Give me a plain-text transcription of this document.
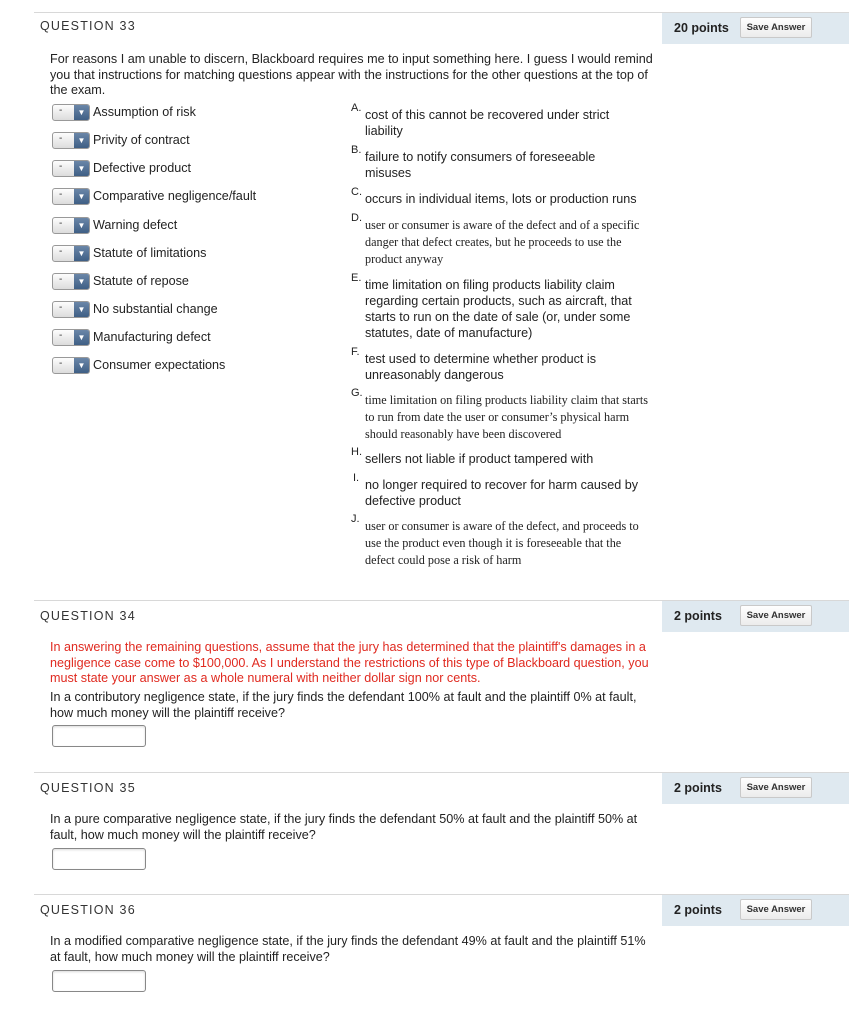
QUESTION 33	20 points	Save Answer
For reasons I am unable to discern, Blackboard requires me to input something here. I guess I would remind you that instructions for matching questions appear with the instructions for the other questions at the top of the exam.
-	▼ Assumption of risk
-	▼ Privity of contract
-	▼ Defective product
-	▼ Comparative negligence/fault
-	▼ Warning defect
-	▼ Statute of limitations
-	▼ Statute of repose
-	▼ No substantial change
-	▼ Manufacturing defect
-	▼ Consumer expectations
A. cost of this cannot be recovered under strict liability
B. failure to notify consumers of foreseeable misuses
C. occurs in individual items, lots or production runs
D. user or consumer is aware of the defect and of a specific danger that defect creates, but he proceeds to use the product anyway
E. time limitation on filing products liability claim regarding certain products, such as aircraft, that starts to run on the date of sale (or, under some statutes, date of manufacture)
F. test used to determine whether product is unreasonably dangerous
G. time limitation on filing products liability claim that starts to run from date the user or consumer’s physical harm should reasonably have been discovered
H. sellers not liable if product tampered with
I. no longer required to recover for harm caused by defective product
J. user or consumer is aware of the defect, and proceeds to use the product even though it is foreseeable that the defect could pose a risk of harm
QUESTION 34	2 points	Save Answer
In answering the remaining questions, assume that the jury has determined that the plaintiff's damages in a negligence case come to $100,000. As I understand the restrictions of this type of Blackboard question, you must state your answer as a whole numeral with neither dollar sign nor cents.
In a contributory negligence state, if the jury finds the defendant 100% at fault and the plaintiff 0% at fault, how much money will the plaintiff receive?
QUESTION 35	2 points	Save Answer
In a pure comparative negligence state, if the jury finds the defendant 50% at fault and the plaintiff 50% at fault, how much money will the plaintiff receive?
QUESTION 36	2 points	Save Answer
In a modified comparative negligence state, if the jury finds the defendant 49% at fault and the plaintiff 51% at fault, how much money will the plaintiff receive?
